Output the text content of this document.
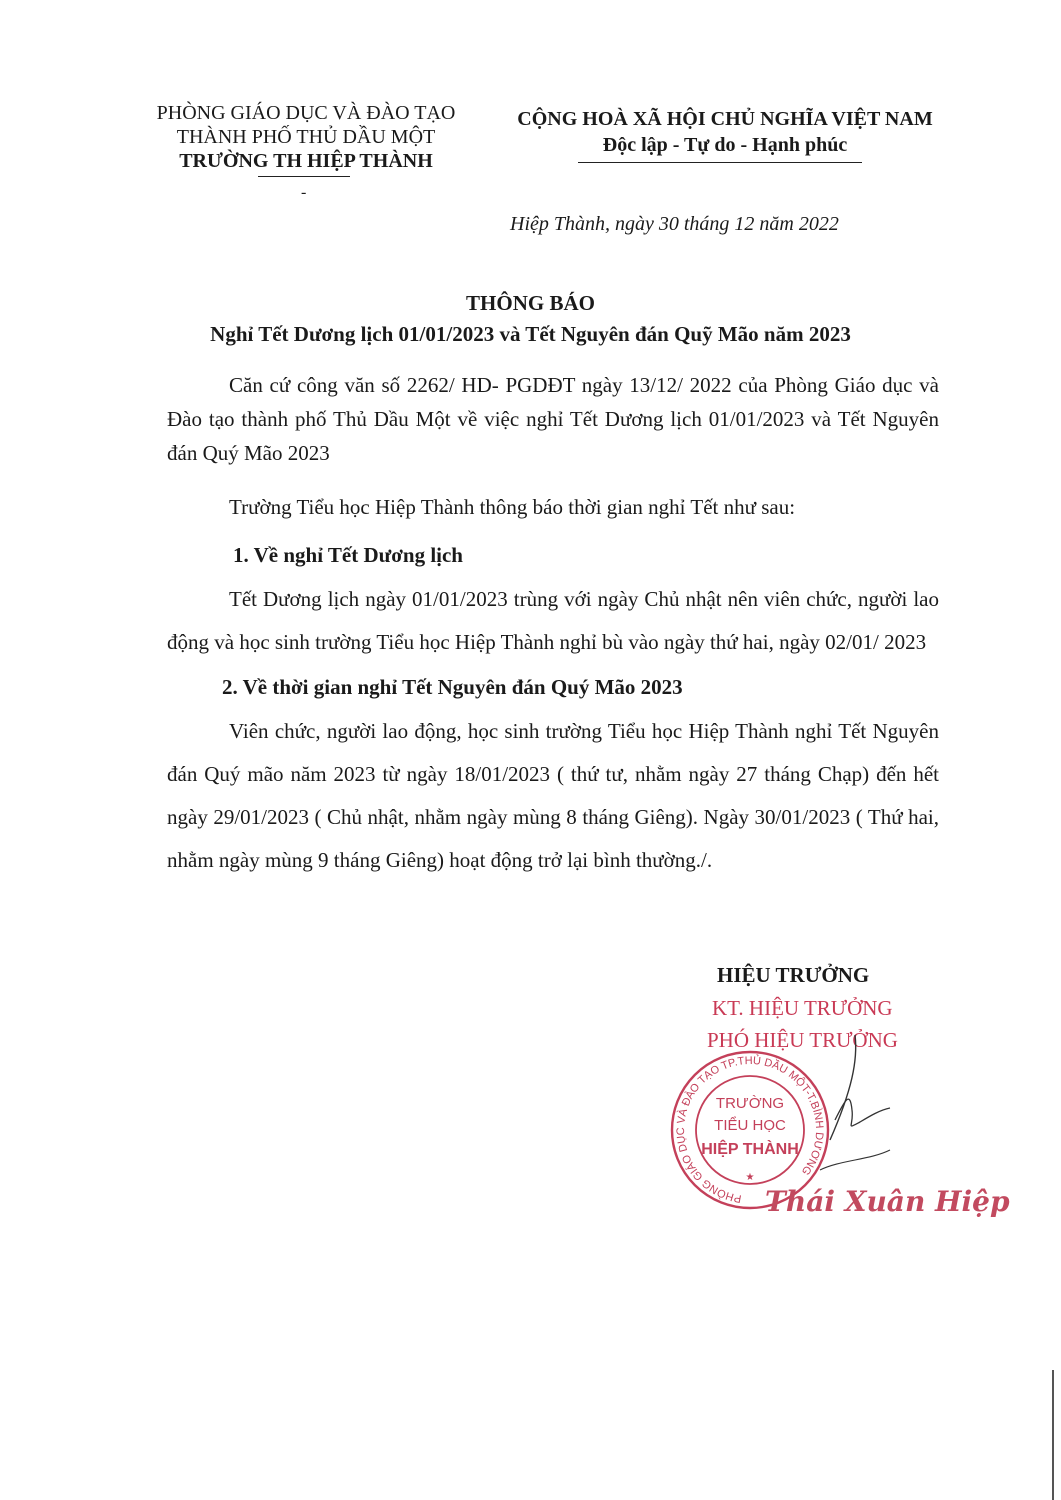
PHÒNG GIÁO DỤC VÀ ĐÀO TẠO
THÀNH PHỐ THỦ DẦU MỘT
TRƯỜNG TH HIỆP THÀNH
-
CỘNG HOÀ XÃ HỘI CHỦ NGHĨA VIỆT NAM
Độc lập - Tự do - Hạnh phúc
Hiệp Thành, ngày 30 tháng 12 năm 2022
THÔNG BÁO
Nghỉ Tết Dương lịch 01/01/2023 và Tết Nguyên đán Quỹ Mão năm 2023
Căn cứ công văn số 2262/ HD- PGDĐT ngày 13/12/ 2022 của Phòng Giáo dục và Đào tạo thành phố Thủ Dầu Một về việc nghỉ Tết Dương lịch 01/01/2023 và Tết Nguyên đán Quý Mão 2023
Trường Tiểu học Hiệp Thành thông báo thời gian nghỉ Tết như sau:
1. Về nghỉ Tết Dương lịch
Tết Dương lịch ngày 01/01/2023 trùng với ngày Chủ nhật nên viên chức, người lao động và học sinh trường Tiểu học Hiệp Thành nghỉ bù vào ngày thứ hai, ngày 02/01/ 2023
2. Về thời gian nghỉ Tết Nguyên đán Quý Mão 2023
Viên chức, người lao động, học sinh trường Tiểu học Hiệp Thành nghỉ Tết Nguyên đán Quý mão năm 2023 từ ngày 18/01/2023 ( thứ tư, nhằm ngày 27 tháng Chạp) đến hết ngày 29/01/2023 ( Chủ nhật, nhằm ngày mùng 8 tháng Giêng). Ngày 30/01/2023 ( Thứ hai, nhằm ngày mùng 9 tháng Giêng) hoạt động trở lại bình thường./.
HIỆU TRƯỞNG
KT. HIỆU TRƯỞNG
PHÓ HIỆU TRƯỞNG
PHÒNG GIÁO DỤC VÀ ĐÀO TẠO TP.THỦ DẦU MỘT-T.BÌNH DƯƠNG
TRƯỜNG
TIỂU HỌC
HIỆP THÀNH
★
Thái Xuân Hiệp
